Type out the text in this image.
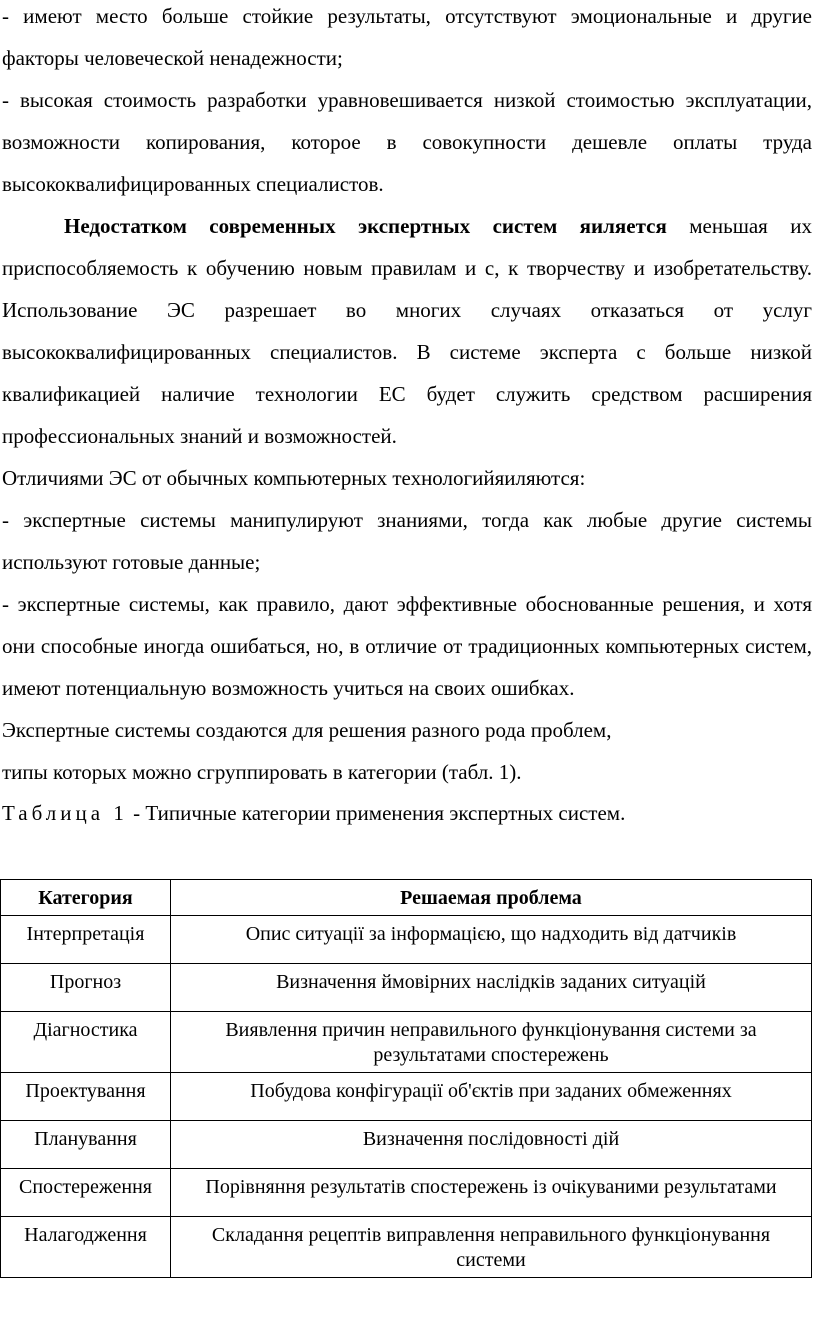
- имеют место больше стойкие результаты, отсутствуют эмоциональные и другие факторы человеческой ненадежности;

- высокая стоимость разработки уравновешивается низкой стоимостью эксплуатации, возможности копирования, которое в совокупности дешевле оплаты труда высококвалифицированных специалистов.

Недостатком современных экспертных систем яиляется меньшая их приспособляемость к обучению новым правилам и с, к творчеству и изобретательству. Использование ЭС разрешает во многих случаях отказаться от услуг высококвалифицированных специалистов. В системе эксперта с больше низкой квалификацией наличие технологии ЕС будет служить средством расширения профессиональных знаний и возможностей.

Отличиями ЭС от обычных компьютерных технологийяиляются:

- экспертные системы манипулируют знаниями, тогда как любые другие системы используют готовые данные;

- экспертные системы, как правило, дают эффективные обоснованные решения, и хотя они способные иногда ошибаться, но, в отличие от традиционных компьютерных систем, имеют потенциальную возможность учиться на своих ошибках.

Экспертные системы создаются для решения разного рода проблем,

типы которых можно сгруппировать в категории (табл. 1).

Таблица 1 - Типичные категории применения экспертных систем.

Категория	Решаемая проблема
Інтерпретація	Опис ситуації за інформацією, що надходить від датчиків
Прогноз	Визначення ймовірних наслідків заданих ситуацій
Діагностика	Виявлення причин неправильного функціонування системи за результатами спостережень
Проектування	Побудова конфігурації об'єктів при заданих обмеженнях
Планування	Визначення послідовності дій
Спостереження	Порівняння результатів спостережень із очікуваними результатами
Налагодження	Складання рецептів виправлення неправильного функціонування системи
